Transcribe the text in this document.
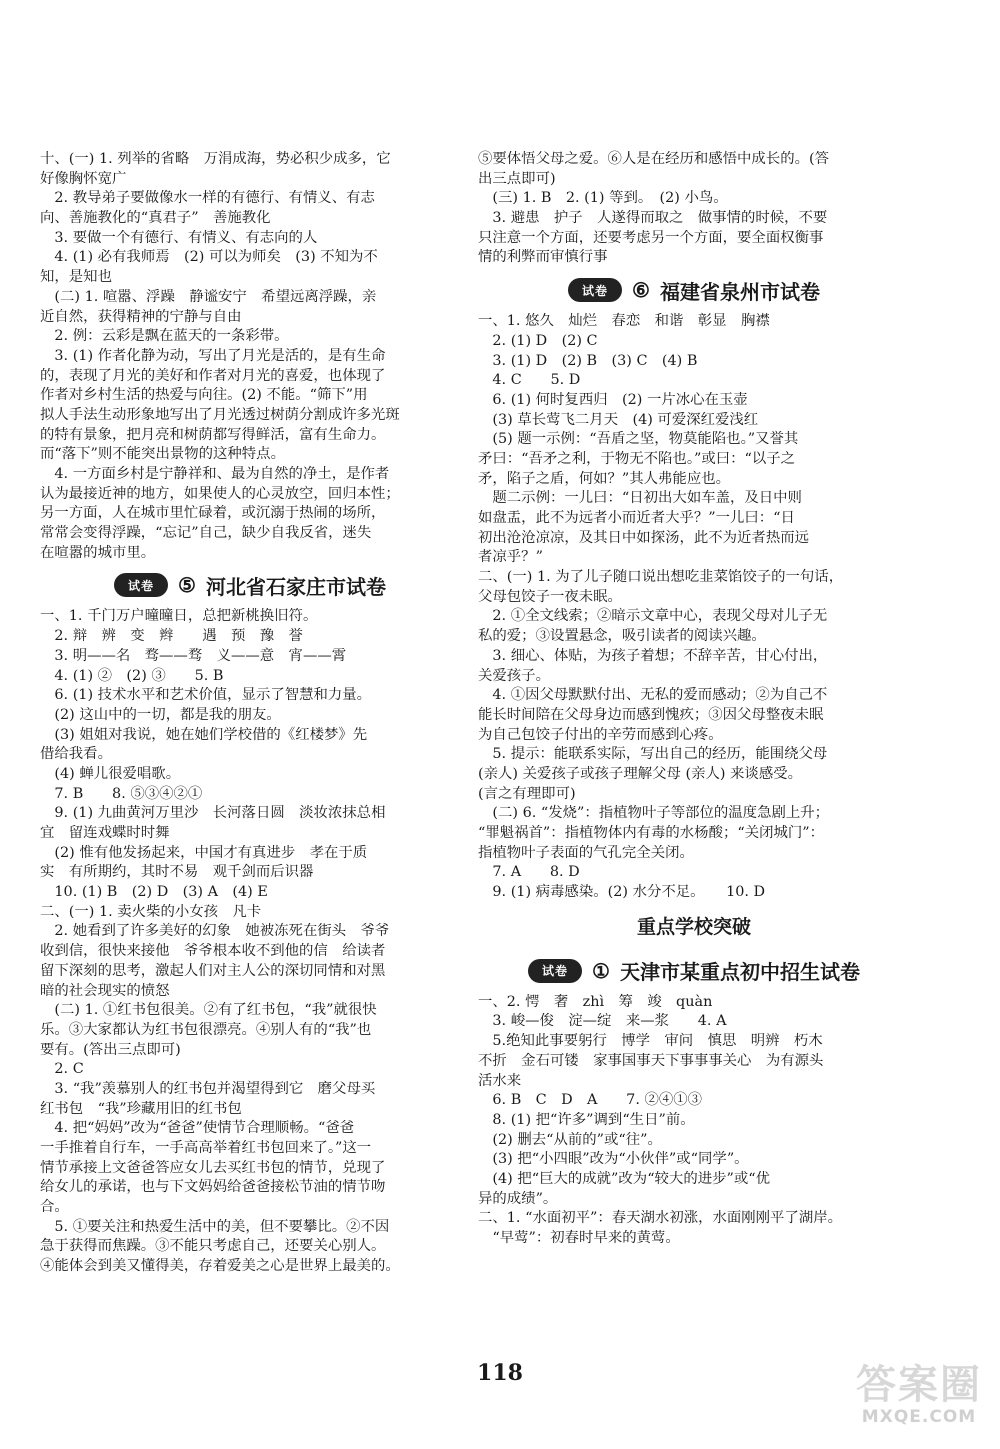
十、(一) 1. 列举的省略　万涓成海，势必积少成多，它
好像胸怀宽广
　2. 教导弟子要做像水一样的有德行、有情义、有志
向、善施教化的“真君子”　善施教化
　3. 要做一个有德行、有情义、有志向的人
　4. (1) 必有我师焉　(2) 可以为师矣　(3) 不知为不
知，是知也
　(二) 1. 喧嚣、浮躁　静谧安宁　希望远离浮躁，亲
近自然，获得精神的宁静与自由
　2. 例：云彩是飘在蓝天的一条彩带。
　3. (1) 作者化静为动，写出了月光是活的，是有生命
的，表现了月光的美好和作者对月光的喜爱，也体现了
作者对乡村生活的热爱与向往。(2) 不能。“筛下”用
拟人手法生动形象地写出了月光透过树荫分割成许多光斑
的特有景象，把月亮和树荫都写得鲜活，富有生命力。
而“落下”则不能突出景物的这种特点。
　4. 一方面乡村是宁静祥和、最为自然的净土，是作者
认为最接近神的地方，如果使人的心灵放空，回归本性；
另一方面，人在城市里忙碌着，或沉溺于热闹的场所，
常常会变得浮躁，“忘记”自己，缺少自我反省，迷失
在喧嚣的城市里。
试卷	⑤ 河北省石家庄市试卷
一、1. 千门万户曈曈日，总把新桃换旧符。
　2. 辩　辨　变　辫　　遇　预　豫　誉
　3. 明——名　骛——骛　义——意　宵——霄
　4. (1) ②　(2) ③　　5. B
　6. (1) 技术水平和艺术价值，显示了智慧和力量。
　(2) 这山中的一切，都是我的朋友。
　(3) 姐姐对我说，她在她们学校借的《红楼梦》先
借给我看。
　(4) 蝉儿很爱唱歌。
　7. B　　8. ⑤③④②①
　9. (1) 九曲黄河万里沙　长河落日圆　淡妆浓抹总相
宜　留连戏蝶时时舞
　(2) 惟有他发扬起来，中国才有真进步　孝在于质
实　有所期约，其时不易　观千剑而后识器
　10. (1) B　(2) D　(3) A　(4) E
二、(一) 1. 卖火柴的小女孩　凡卡
　2. 她看到了许多美好的幻象　她被冻死在街头　爷爷
收到信，很快来接他　爷爷根本收不到他的信　给读者
留下深刻的思考，激起人们对主人公的深切同情和对黑
暗的社会现实的愤怒
　(二) 1. ①红书包很美。②有了红书包，“我”就很快
乐。③大家都认为红书包很漂亮。④别人有的“我”也
要有。(答出三点即可)
　2. C
　3. “我”羡慕别人的红书包并渴望得到它　磨父母买
红书包　“我”珍藏用旧的红书包
　4. 把“妈妈”改为“爸爸”使情节合理顺畅。“爸爸
一手推着自行车，一手高高举着红书包回来了。”这一
情节承接上文爸爸答应女儿去买红书包的情节，兑现了
给女儿的承诺，也与下文妈妈给爸爸接松节油的情节吻
合。
　5. ①要关注和热爱生活中的美，但不要攀比。②不因
急于获得而焦躁。③不能只考虑自己，还要关心别人。
④能体会到美又懂得美，存着爱美之心是世界上最美的。
⑤要体悟父母之爱。⑥人是在经历和感悟中成长的。(答
出三点即可)
　(三) 1. B　2. (1) 等到。　(2) 小鸟。
　3. 避患　护子　人遂得而取之　做事情的时候，不要
只注意一个方面，还要考虑另一个方面，要全面权衡事
情的利弊而审慎行事
试卷	⑥ 福建省泉州市试卷
一、1. 悠久　灿烂　春恋　和谐　彰显　胸襟
　2. (1) D　(2) C
　3. (1) D　(2) B　(3) C　(4) B
　4. C　　5. D
　6. (1) 何时复西归　(2) 一片冰心在玉壶
　(3) 草长莺飞二月天　(4) 可爱深红爱浅红
　(5) 题一示例：“吾盾之坚，物莫能陷也。”又誉其
矛曰：“吾矛之利，于物无不陷也。”或曰：“以子之
矛，陷子之盾，何如？”其人弗能应也。
　题二示例：一儿曰：“日初出大如车盖，及日中则
如盘盂，此不为远者小而近者大乎？”一儿曰：“日
初出沧沧凉凉，及其日中如探汤，此不为近者热而远
者凉乎？”
二、(一) 1. 为了儿子随口说出想吃韭菜馅饺子的一句话，
父母包饺子一夜未眠。
　2. ①全文线索；②暗示文章中心，表现父母对儿子无
私的爱；③设置悬念，吸引读者的阅读兴趣。
　3. 细心、体贴，为孩子着想；不辞辛苦，甘心付出，
关爱孩子。
　4. ①因父母默默付出、无私的爱而感动；②为自己不
能长时间陪在父母身边而感到愧疚；③因父母整夜未眠
为自己包饺子付出的辛劳而感到心疼。
　5. 提示：能联系实际，写出自己的经历，能围绕父母
(亲人) 关爱孩子或孩子理解父母 (亲人) 来谈感受。
(言之有理即可)
　(二) 6. “发烧”：指植物叶子等部位的温度急剧上升；
“罪魁祸首”：指植物体内有毒的水杨酸；“关闭城门”：
指植物叶子表面的气孔完全关闭。
　7. A　　8. D
　9. (1) 病毒感染。(2) 水分不足。　　10. D
重点学校突破
试卷	① 天津市某重点初中招生试卷
一、2. 愕　奢　zhì　筹　竣　quàn
　3. 峻—俊　淀—绽　来—浆　　4. A
　5.绝知此事要躬行　博学　审问　慎思　明辨　朽木
不折　金石可镂　家事国事天下事事事关心　为有源头
活水来
　6. B　C　D　A　　7. ②④①③
　8. (1) 把“许多”调到“生日”前。
　(2) 删去“从前的”或“往”。
　(3) 把“小四眼”改为“小伙伴”或“同学”。
　(4) 把“巨大的成就”改为“较大的进步”或“优
异的成绩”。
二、1. “水面初平”：春天湖水初涨，水面刚刚平了湖岸。
　“早莺”：初春时早来的黄莺。
118	答案圈
MXQE.COM
